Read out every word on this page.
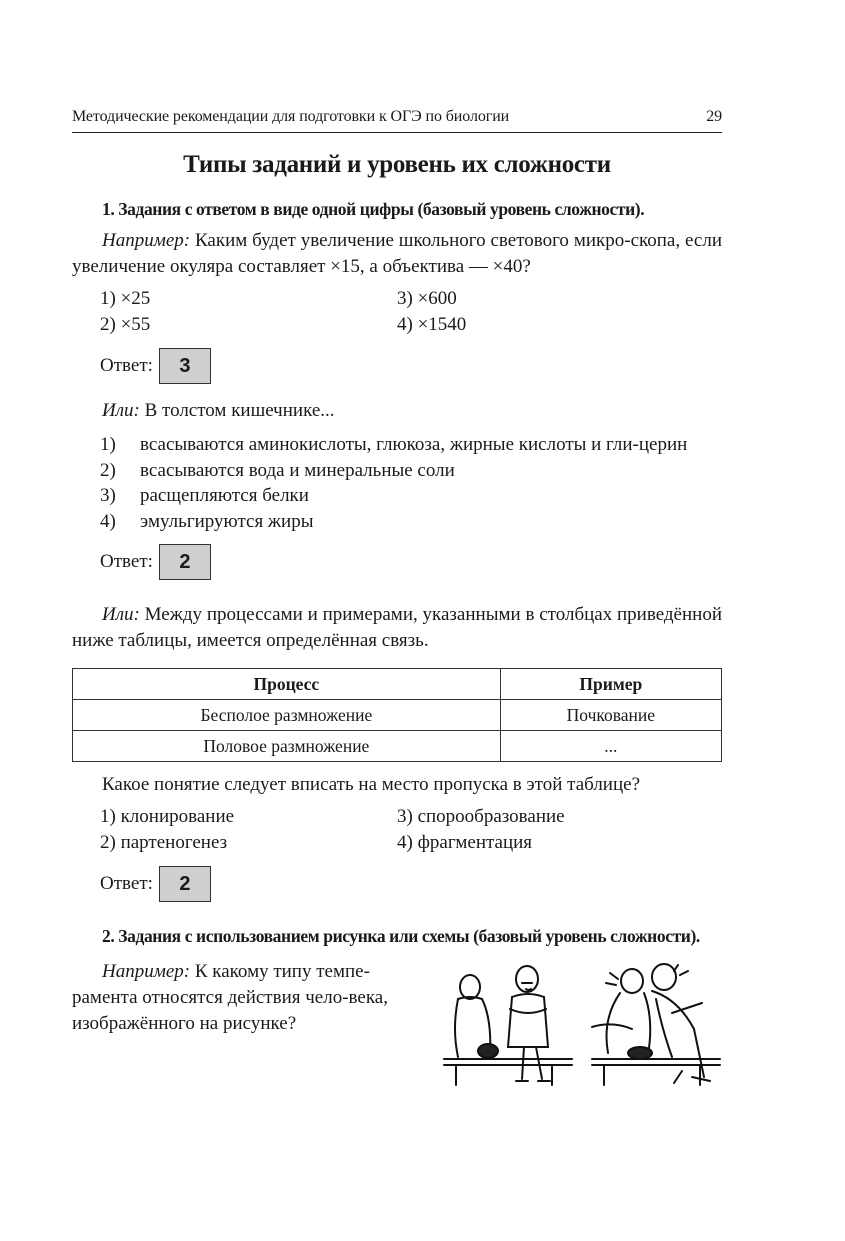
Методические рекомендации для подготовки к ОГЭ по биологии	29
Типы заданий и уровень их сложности
1. Задания с ответом в виде одной цифры (базовый уровень сложности).
Например: Каким будет увеличение школьного светового микро-скопа, если увеличение окуляра составляет ×15, а объектива — ×40?
1) ×25	3) ×600
2) ×55	4) ×1540
Ответ:	3
Или: В толстом кишечнике...
1)	всасываются аминокислоты, глюкоза, жирные кислоты и гли-церин
2)	всасываются вода и минеральные соли
3)	расщепляются белки
4)	эмульгируются жиры
Ответ:	2
Или: Между процессами и примерами, указанными в столбцах приведённой ниже таблицы, имеется определённая связь.
Процесс	Пример
Бесполое размножение	Почкование
Половое размножение	...
Какое понятие следует вписать на место пропуска в этой таблице?
1) клонирование	3) спорообразование
2) партеногенез	4) фрагментация
Ответ:	2
2. Задания с использованием рисунка или схемы (базовый уровень сложности).
Например: К какому типу темпе-рамента относятся действия чело-века, изображённого на рисунке?
